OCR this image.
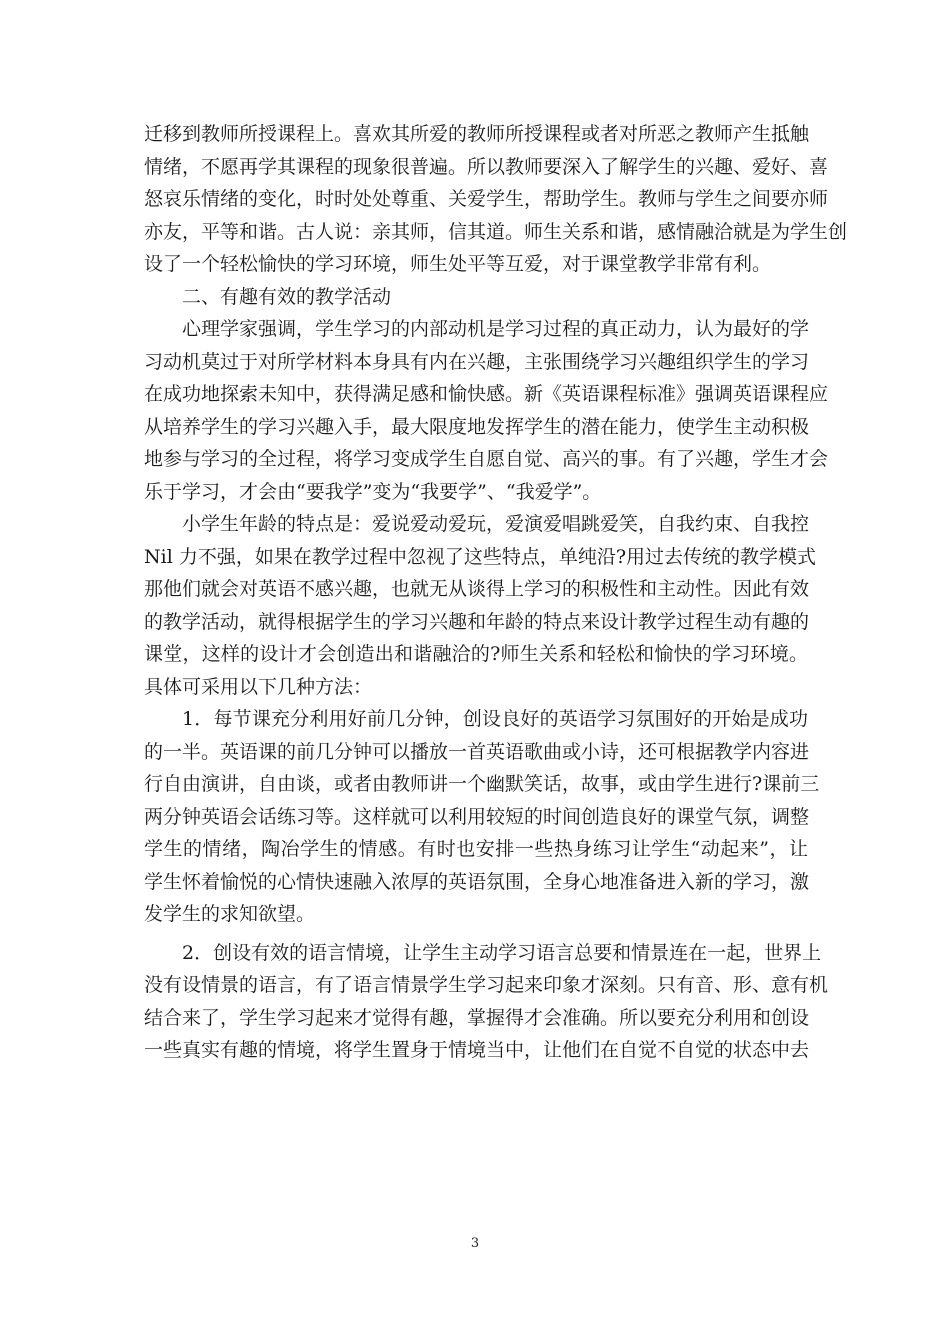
迁移到教师所授课程上。喜欢其所爱的教师所授课程或者对所恶之教师产生抵触
情绪，不愿再学其课程的现象很普遍。所以教师要深入了解学生的兴趣、爱好、喜
怒哀乐情绪的变化，时时处处尊重、关爱学生，帮助学生。教师与学生之间要亦师
亦友，平等和谐。古人说：亲其师，信其道。师生关系和谐，感情融洽就是为学生创
设了一个轻松愉快的学习环境，师生处平等互爱，对于课堂教学非常有利。
二、有趣有效的教学活动
心理学家强调，学生学习的内部动机是学习过程的真正动力，认为最好的学
习动机莫过于对所学材料本身具有内在兴趣，主张围绕学习兴趣组织学生的学习
在成功地探索未知中，获得满足感和愉快感。新《英语课程标准》强调英语课程应
从培养学生的学习兴趣入手，最大限度地发挥学生的潜在能力，使学生主动积极
地参与学习的全过程，将学习变成学生自愿自觉、高兴的事。有了兴趣，学生才会
乐于学习，才会由“要我学”变为“我要学”、“我爱学”。
小学生年龄的特点是：爱说爱动爱玩，爱演爱唱跳爱笑，自我约束、自我控
Nil 力不强，如果在教学过程中忽视了这些特点，单纯沿?用过去传统的教学模式
那他们就会对英语不感兴趣，也就无从谈得上学习的积极性和主动性。因此有效
的教学活动，就得根据学生的学习兴趣和年龄的特点来设计教学过程生动有趣的
课堂，这样的设计才会创造出和谐融洽的?师生关系和轻松和愉快的学习环境。
具体可采用以下几种方法：
1．每节课充分利用好前几分钟，创设良好的英语学习氛围好的开始是成功
的一半。英语课的前几分钟可以播放一首英语歌曲或小诗，还可根据教学内容进
行自由演讲，自由谈，或者由教师讲一个幽默笑话，故事，或由学生进行?课前三
两分钟英语会话练习等。这样就可以利用较短的时间创造良好的课堂气氛，调整
学生的情绪，陶冶学生的情感。有时也安排一些热身练习让学生“动起来”，让
学生怀着愉悦的心情快速融入浓厚的英语氛围，全身心地准备进入新的学习，激
发学生的求知欲望。
2．创设有效的语言情境，让学生主动学习语言总要和情景连在一起，世界上
没有设情景的语言，有了语言情景学生学习起来印象才深刻。只有音、形、意有机
结合来了，学生学习起来才觉得有趣，掌握得才会准确。所以要充分利用和创设
一些真实有趣的情境，将学生置身于情境当中，让他们在自觉不自觉的状态中去
3
